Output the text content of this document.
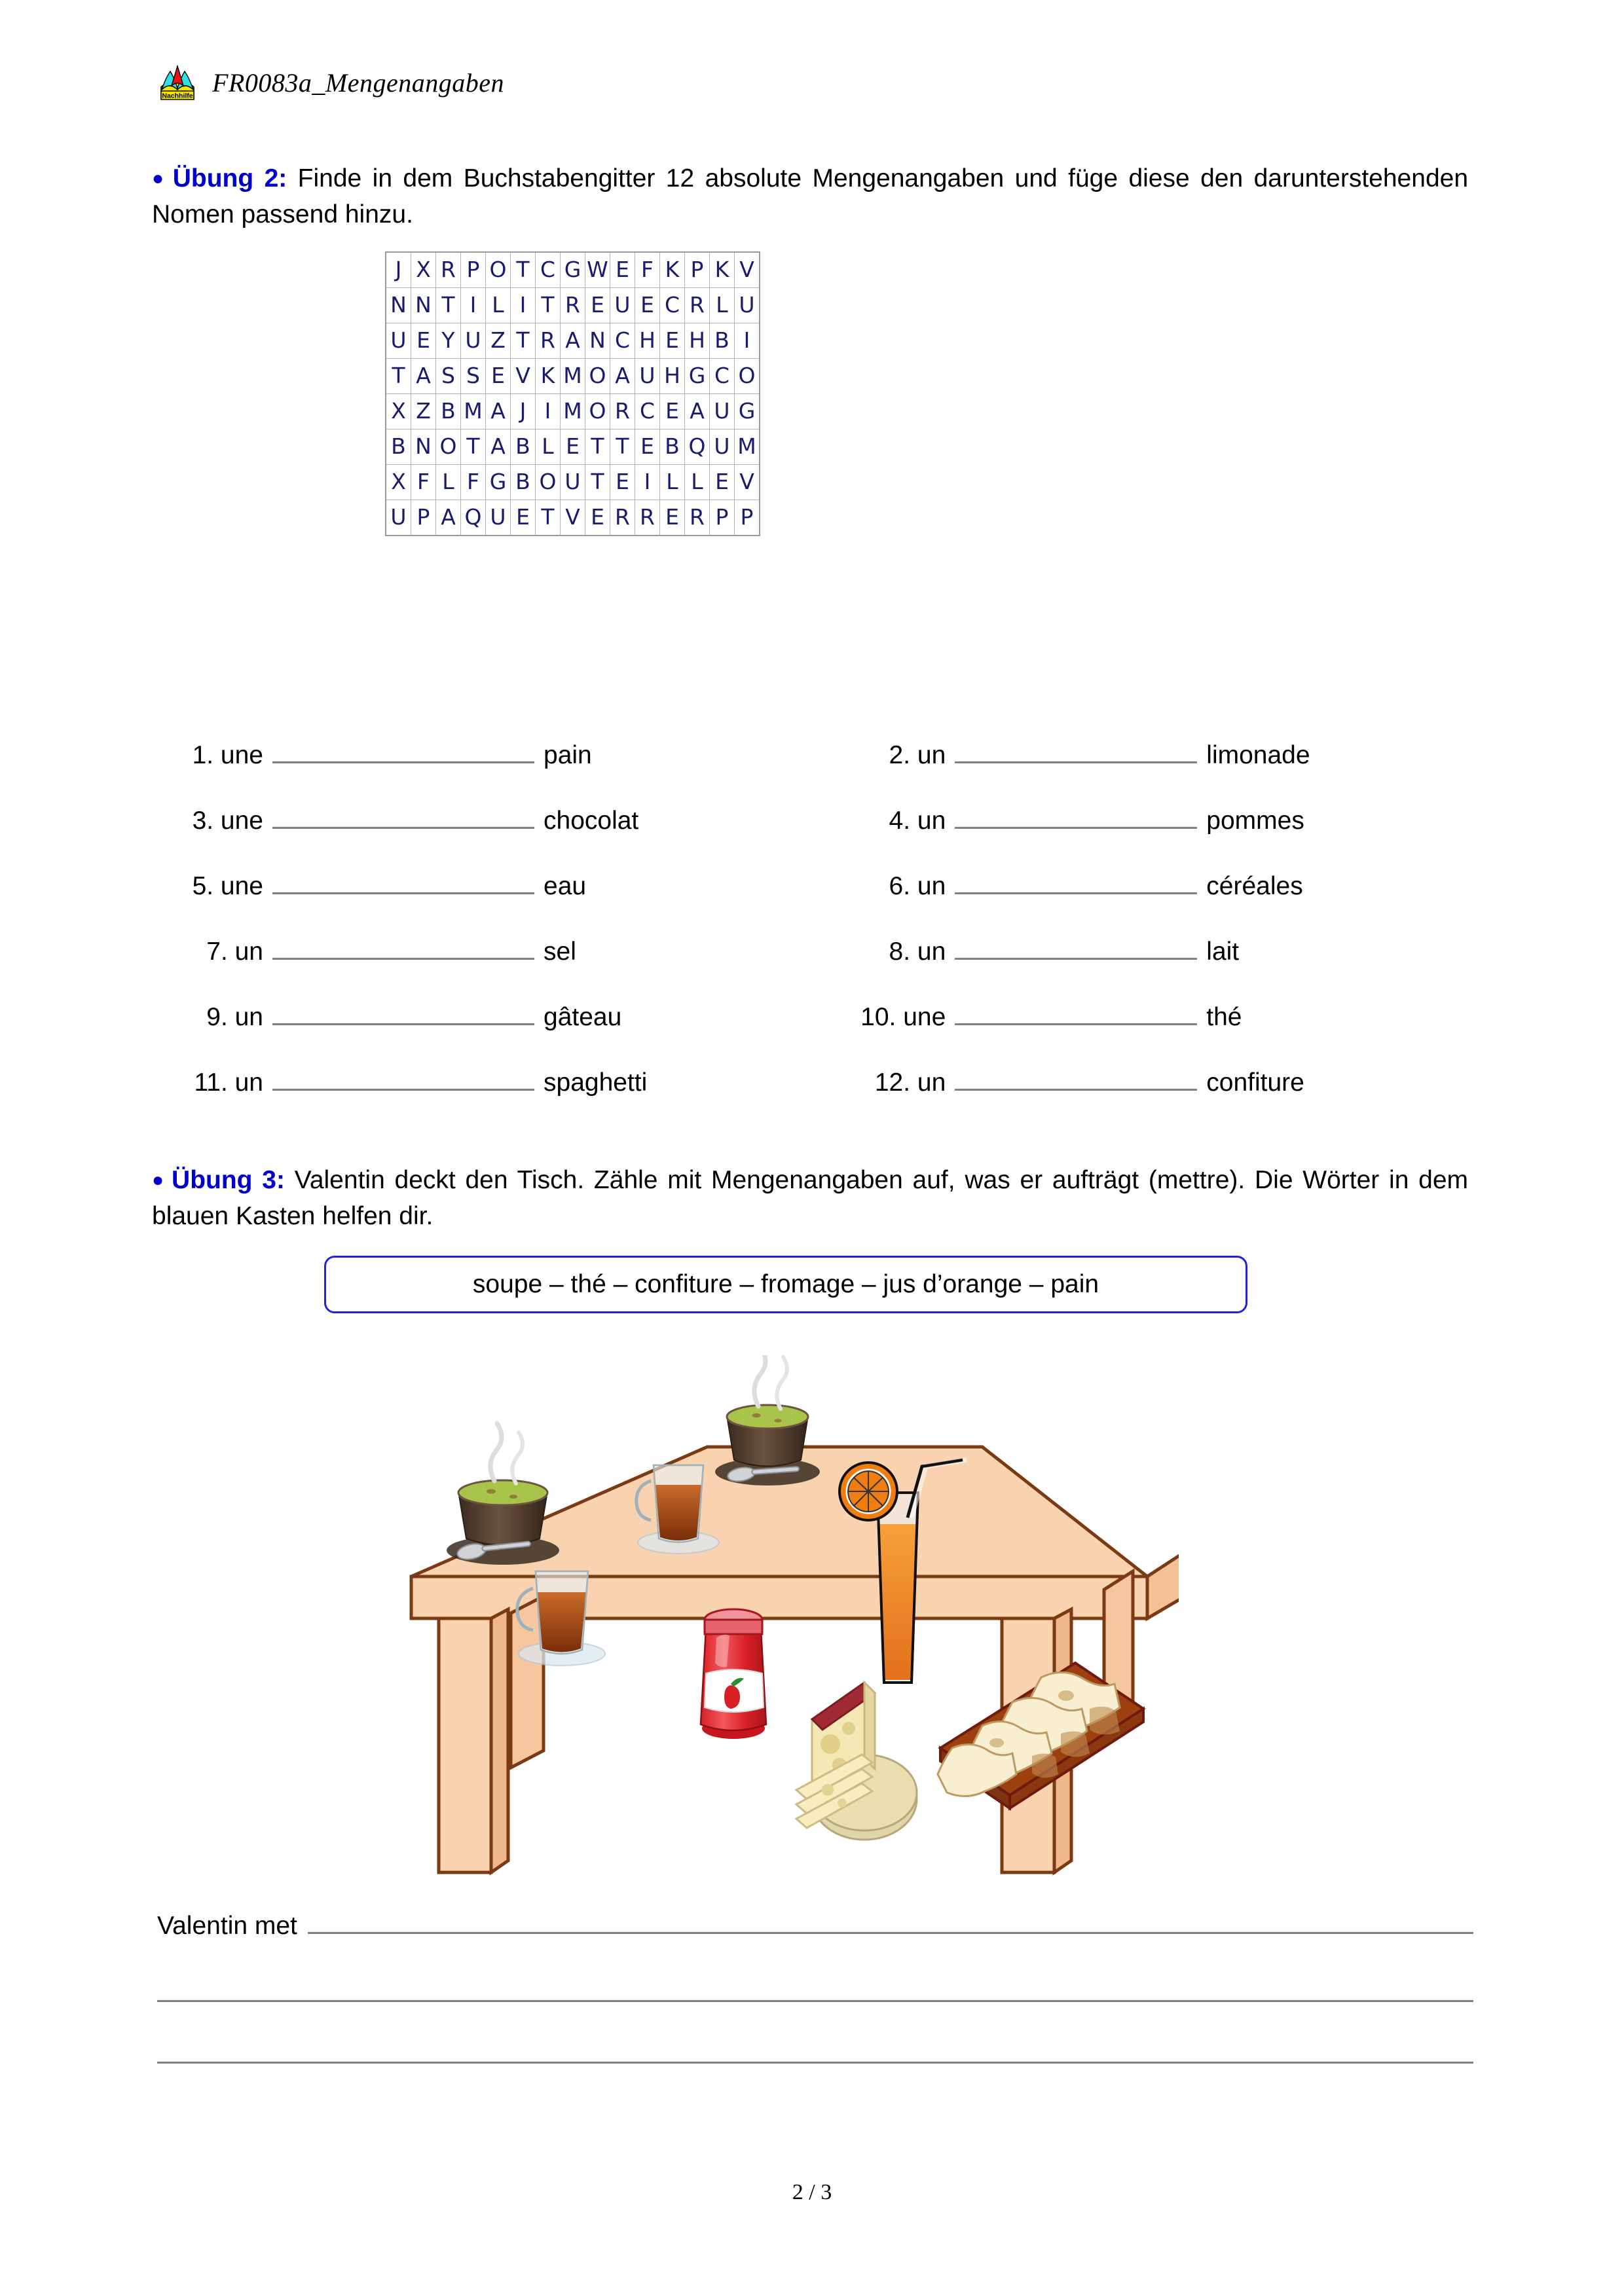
Nachhilfe FR0083a_Mengenangaben
● Übung 2: Finde in dem Buchstabengitter 12 absolute Mengenangaben und füge diese den darunterstehenden Nomen passend hinzu.
J	X	R	P	O	T	C	G	W	E	F	K	P	K	V
N	N	T	I	L	I	T	R	E	U	E	C	R	L	U
U	E	Y	U	Z	T	R	A	N	C	H	E	H	B	I
T	A	S	S	E	V	K	M	O	A	U	H	G	C	O
X	Z	B	M	A	J	I	M	O	R	C	E	A	U	G
B	N	O	T	A	B	L	E	T	T	E	B	Q	U	M
X	F	L	F	G	B	O	U	T	E	I	L	L	E	V
U	P	A	Q	U	E	T	V	E	R	R	E	R	P	P
1. une	pain	2. un	limonade
3. une	chocolat	4. un	pommes
5. une	eau	6. un	céréales
7. un	sel	8. un	lait
9. un	gâteau	10. une	thé
11. un	spaghetti	12. un	confiture
● Übung 3: Valentin deckt den Tisch. Zähle mit Mengenangaben auf, was er aufträgt (mettre). Die Wörter in dem blauen Kasten helfen dir.
soupe – thé – confiture – fromage – jus d’orange – pain
Valentin met
2 / 3
